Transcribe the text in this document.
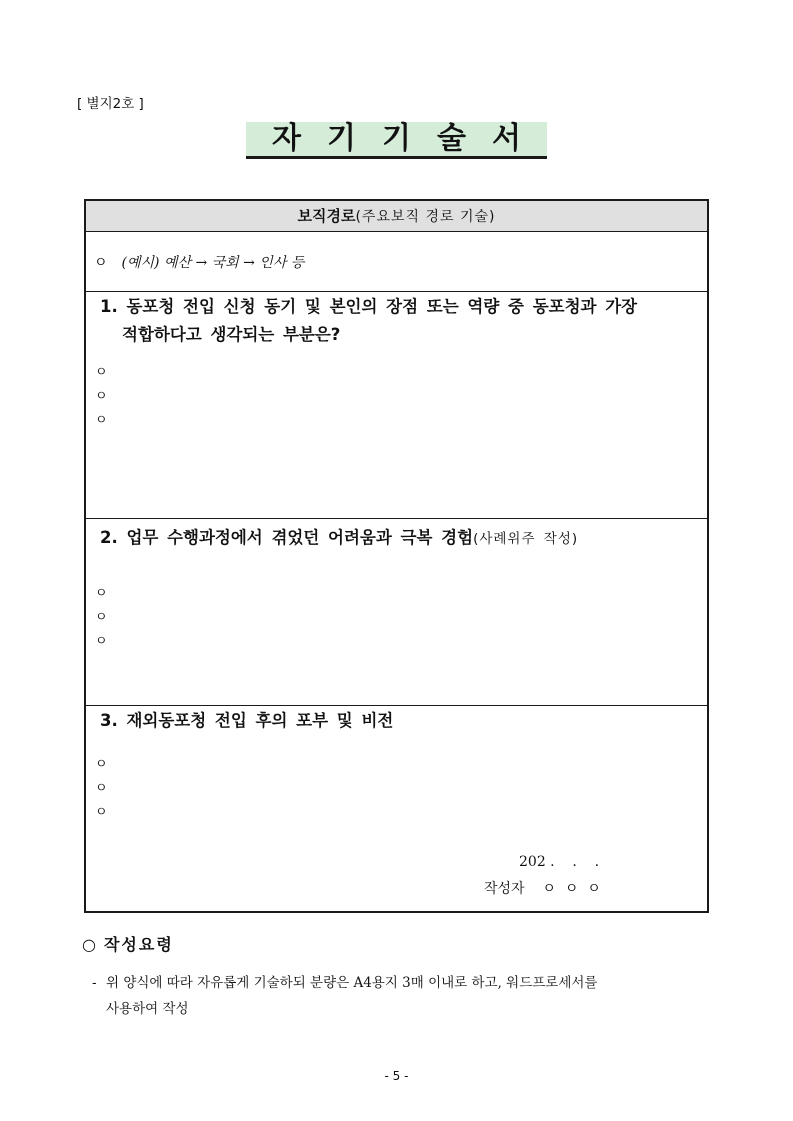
[ 별지2호 ]
자기기술서
보직경로(주요보직 경로 기술)
ㅇ (예시) 예산 → 국회 → 인사 등
1. 동포청 전입 신청 동기 및 본인의 장점 또는 역량 중 동포청과 가장
적합하다고 생각되는 부분은?
ㅇ
ㅇ
ㅇ
2. 업무 수행과정에서 겪었던 어려움과 극복 경험(사례위주 작성)
ㅇ
ㅇ
ㅇ
3. 재외동포청 전입 후의 포부 및 비전
ㅇ
ㅇ
ㅇ
202 .    .    .
작성자 ㅇ  ㅇ  ㅇ
○ 작성요령
- 위 양식에 따라 자유롭게 기술하되 분량은 A4용지 3매 이내로 하고, 워드프로세서를
사용하여 작성
- 5 -
